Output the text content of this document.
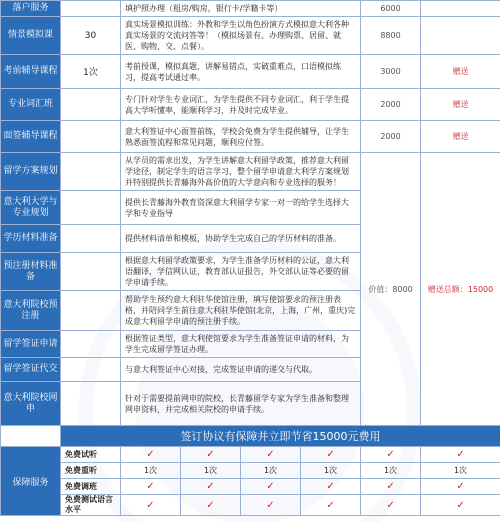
落户服务		填护照办理（租房/购房，银行卡/学籍卡等）				6000	
情景模拟课	30	真实场景模拟训练：外教和学生以角色扮演方式模拟意大利各种真实场景的交流问答等！（模拟场景有、办理购票、居留、就医、购物、交、点餐）。				8800	
考前辅导课程	1次	考前授课，模拟真题，讲解易错点，实破重难点，口语模拟练习，提高考试通过率。				3000	赠送
专业词汇班		专门针对学生专业词汇，为学生提供不同专业词汇，利于学生提高大学听懂率，能顺利学习，并及时完成毕业。				2000	赠送
面签辅导课程		意大利签证中心面签前练，学校会免费为学生提供辅导，让学生熟悉面签流程和常见问题，顺利应付签。				2000	赠送
留学方案规划		从学员的需求出发，为学生讲解意大利留学政策，推荐意大利留学途径，制定学生的语言学习，整个留学申请意大利学方案规划并特别提供长青藤海外高价值的大学意向和专业选择的服务！				价值：8000	赠送总额：15000
意大利大学与专业规划		提供长青藤海外教育资深意大利留学专家一对一的给学生选择大学和专业指导					
学历材料准备		提供材料清单和模板，协助学生完成自己的学历材料的准备。					
预注册材料准备		根据意大利留学政策要求，为学生准备学历材料的公证，意大利语翻译，学信网认证，教育部认证报告，外交部认证等必要的留学申请手续。					
意大利院校预注册		帮助学生预约意大利驻华使馆注册，填写使馆要求的预注册表格，并陪同学生前往意大利驻华使馆(北京，上海，广州，重庆)完成意大利留学申请的预注册手续。					
留学签证申请		根据签证类型，意大利使馆要求为学生准备签证申请的材料，为学生完成留学签证办理。					
留学签证代交		与意大利签证中心对接，完成签证申请的递交与代取。					
意大利院校网申		针对于需要提前网申的院校，长青藤留学专家为学生准备和整理网申资料，并完成相关院校的申请手续。					
	签订协议有保障并立即节省15000元费用						
保障服务	免费试听	✓	✓	✓	✓	✓	✓
	免费重听	1次	1次	1次	1次	1次	1次
	免费调班	✓	✓	✓	✓	✓	✓
	免费测试语言水平	✓	✓	✓	✓	✓	✓
